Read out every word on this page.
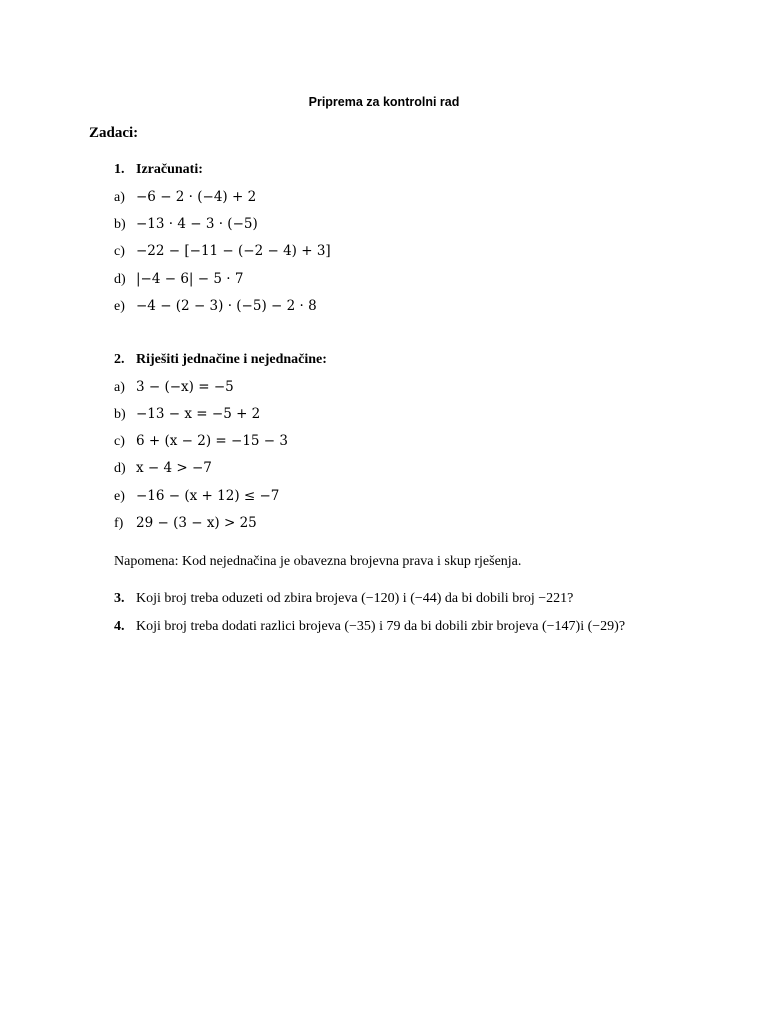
Priprema za kontrolni rad
Zadaci:
1. Izračunati:
a) −6 − 2 · (−4) + 2
b) −13 · 4 − 3 · (−5)
c) −22 − [−11 − (−2 − 4) + 3]
d) |−4 − 6| − 5 · 7
e) −4 − (2 − 3) · (−5) − 2 · 8
2. Riješiti jednačine i nejednačine:
a) 3 − (−x) = −5
b) −13 − x = −5 + 2
c) 6 + (x − 2) = −15 − 3
d) x − 4 > −7
e) −16 − (x + 12) ≤ −7
f) 29 − (3 − x) > 25
Napomena: Kod nejednačina je obavezna brojevna prava i skup rješenja.
3. Koji broj treba oduzeti od zbira brojeva (−120) i (−44) da bi dobili broj −221?
4. Koji broj treba dodati razlici brojeva (−35) i 79 da bi dobili zbir brojeva (−147)i (−29)?
